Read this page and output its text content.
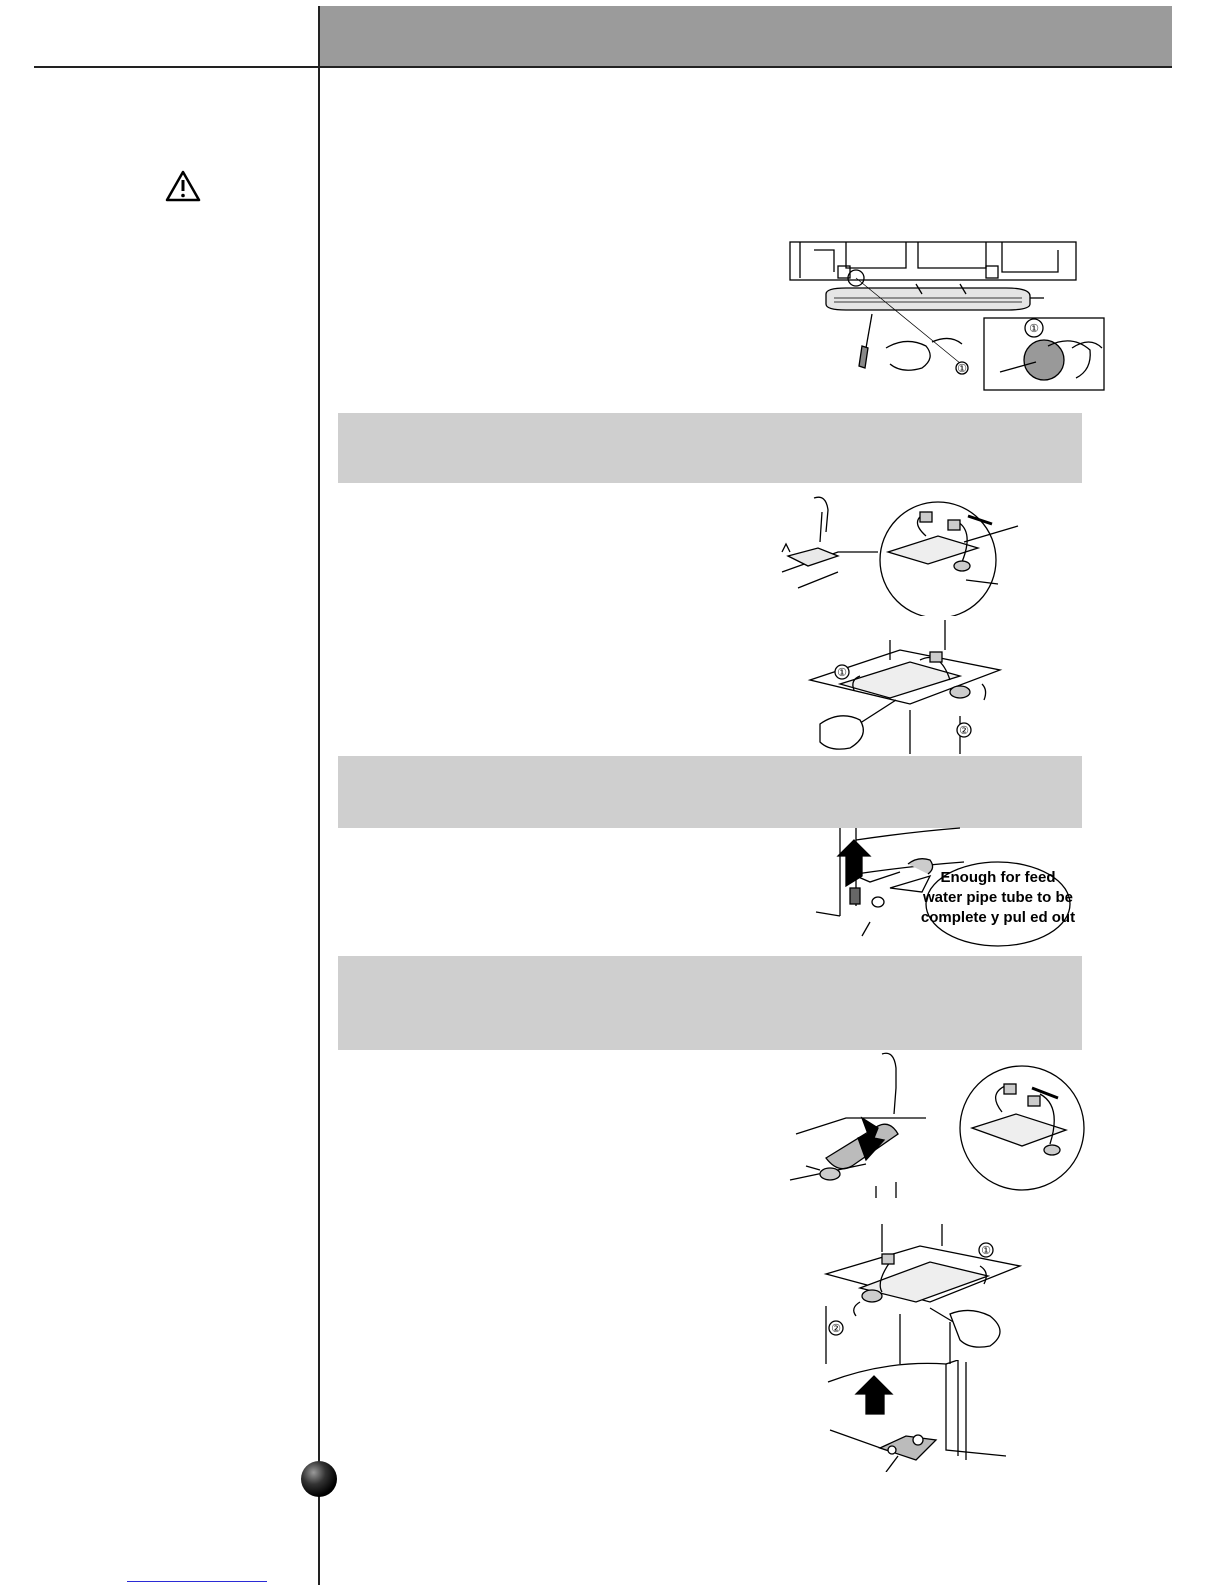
①
①
①
②
Enough for feed
water pipe tube to be
complete y pul ed out
①
②
